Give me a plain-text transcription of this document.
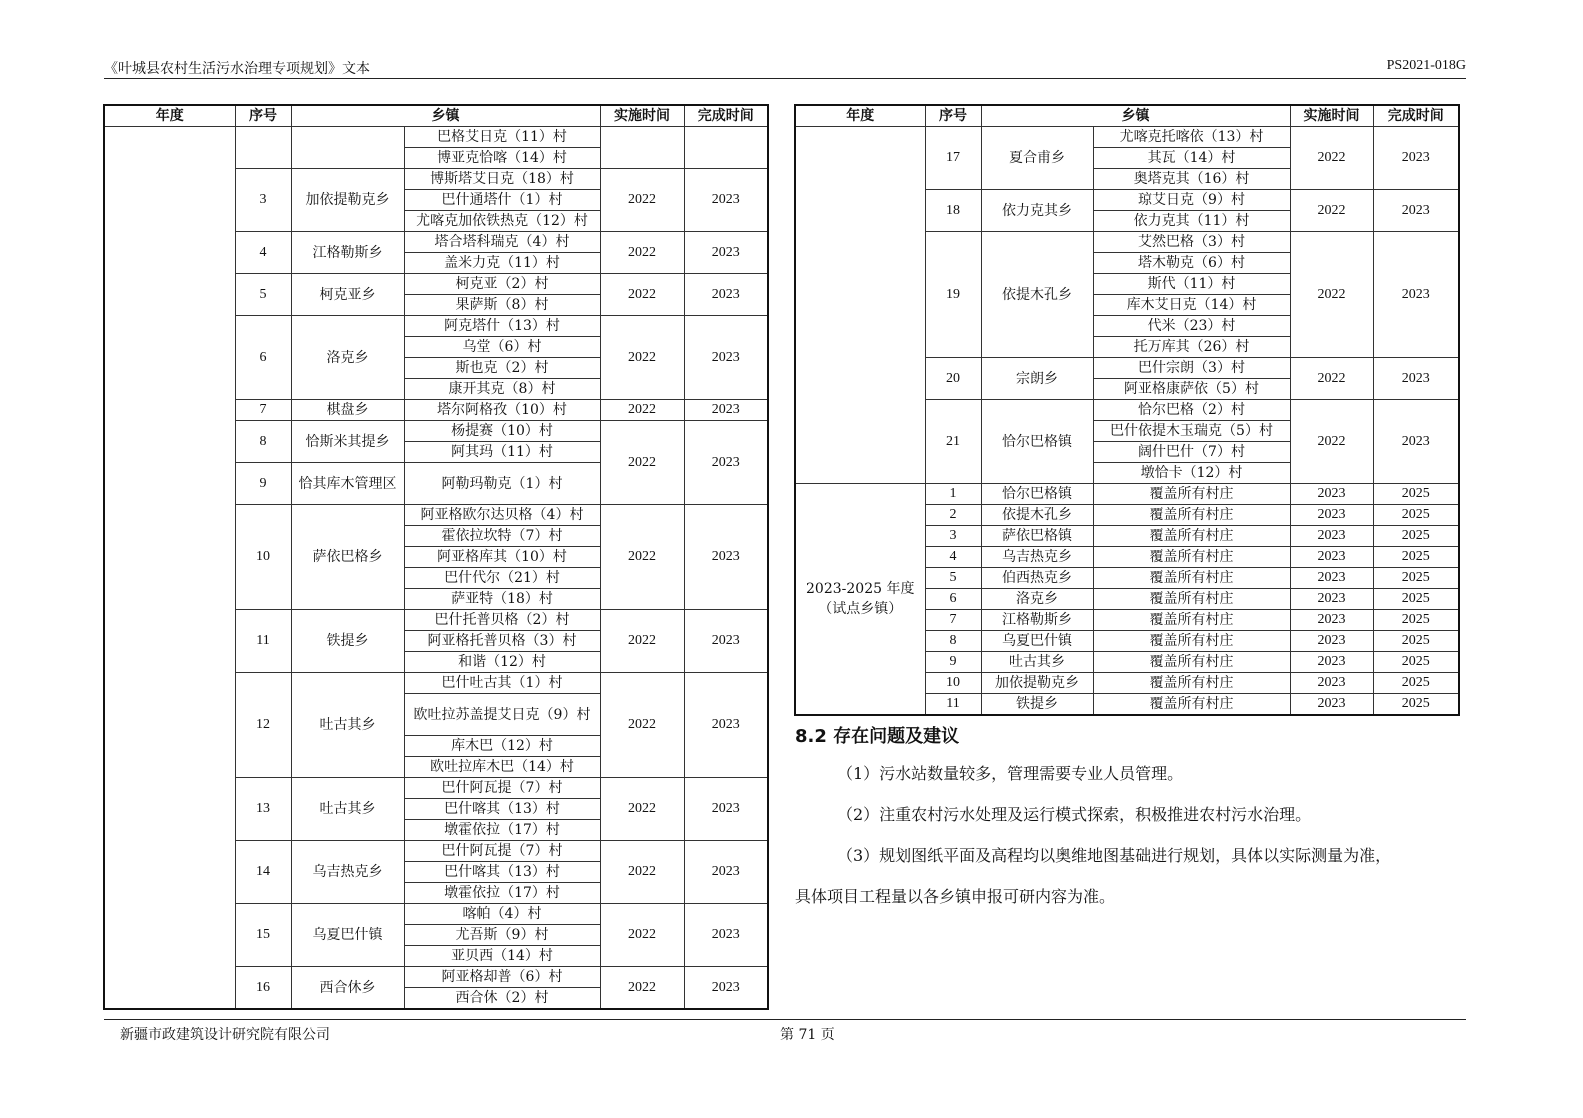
《叶城县农村生活污水治理专项规划》文本	PS2021-018G
年度	序号	乡镇		实施时间	完成时间
			巴格艾日克（11）村		
			博亚克恰喀（14）村		
	3	加依提勒克乡	博斯塔艾日克（18）村	2022	2023
			巴什通塔什（1）村		
			尤喀克加依铁热克（12）村		
	4	江格勒斯乡	塔合塔科瑞克（4）村	2022	2023
			盖米力克（11）村		
	5	柯克亚乡	柯克亚（2）村	2022	2023
			果萨斯（8）村		
	6	洛克乡	阿克塔什（13）村	2022	2023
			乌堂（6）村		
			斯也克（2）村		
			康开其克（8）村		
	7	棋盘乡	塔尔阿格孜（10）村	2022	2023
	8	恰斯米其提乡	杨提赛（10）村	2022	2023
			阿其玛（11）村		
	9	恰其库木管理区	阿勒玛勒克（1）村		
	10	萨依巴格乡	阿亚格欧尔达贝格（4）村	2022	2023
			霍依拉坎特（7）村		
			阿亚格库其（10）村		
			巴什代尔（21）村		
			萨亚特（18）村		
	11	铁提乡	巴什托普贝格（2）村	2022	2023
			阿亚格托普贝格（3）村		
			和谐（12）村		
	12	吐古其乡	巴什吐古其（1）村	2022	2023
			欧吐拉苏盖提艾日克（9）村		
			库木巴（12）村		
			欧吐拉库木巴（14）村		
	13	吐古其乡	巴什阿瓦提（7）村	2022	2023
			巴什喀其（13）村		
			墩霍依拉（17）村		
	14	乌吉热克乡	巴什阿瓦提（7）村	2022	2023
			巴什喀其（13）村		
			墩霍依拉（17）村		
	15	乌夏巴什镇	喀帕（4）村	2022	2023
			尤吾斯（9）村		
			亚贝西（14）村		
	16	西合休乡	阿亚格却普（6）村	2022	2023
			西合休（2）村		
年度	序号	乡镇		实施时间	完成时间
	17	夏合甫乡	尤喀克托喀依（13）村	2022	2023
			其瓦（14）村		
			奥塔克其（16）村		
	18	依力克其乡	琼艾日克（9）村	2022	2023
			依力克其（11）村		
	19	依提木孔乡	艾然巴格（3）村	2022	2023
			塔木勒克（6）村		
			斯代（11）村		
			库木艾日克（14）村		
			代米（23）村		
			托万库其（26）村		
	20	宗朗乡	巴什宗朗（3）村	2022	2023
			阿亚格康萨依（5）村		
	21	恰尔巴格镇	恰尔巴格（2）村	2022	2023
			巴什依提木玉瑞克（5）村		
			阔什巴什（7）村		
			墩恰卡（12）村		

2023-2025 年度
（试点乡镇）	1	恰尔巴格镇	覆盖所有村庄	2023	2025
	2	依提木孔乡	覆盖所有村庄	2023	2025
	3	萨依巴格镇	覆盖所有村庄	2023	2025
	4	乌吉热克乡	覆盖所有村庄	2023	2025
	5	伯西热克乡	覆盖所有村庄	2023	2025
	6	洛克乡	覆盖所有村庄	2023	2025
	7	江格勒斯乡	覆盖所有村庄	2023	2025
	8	乌夏巴什镇	覆盖所有村庄	2023	2025
	9	吐古其乡	覆盖所有村庄	2023	2025
	10	加依提勒克乡	覆盖所有村庄	2023	2025
	11	铁提乡	覆盖所有村庄	2023	2025
8.2 存在问题及建议
（1）污水站数量较多，管理需要专业人员管理。
（2）注重农村污水处理及运行模式探索，积极推进农村污水治理。
（3）规划图纸平面及高程均以奥维地图基础进行规划，具体以实际测量为准，
具体项目工程量以各乡镇申报可研内容为准。
新疆市政建筑设计研究院有限公司	第 71 页
